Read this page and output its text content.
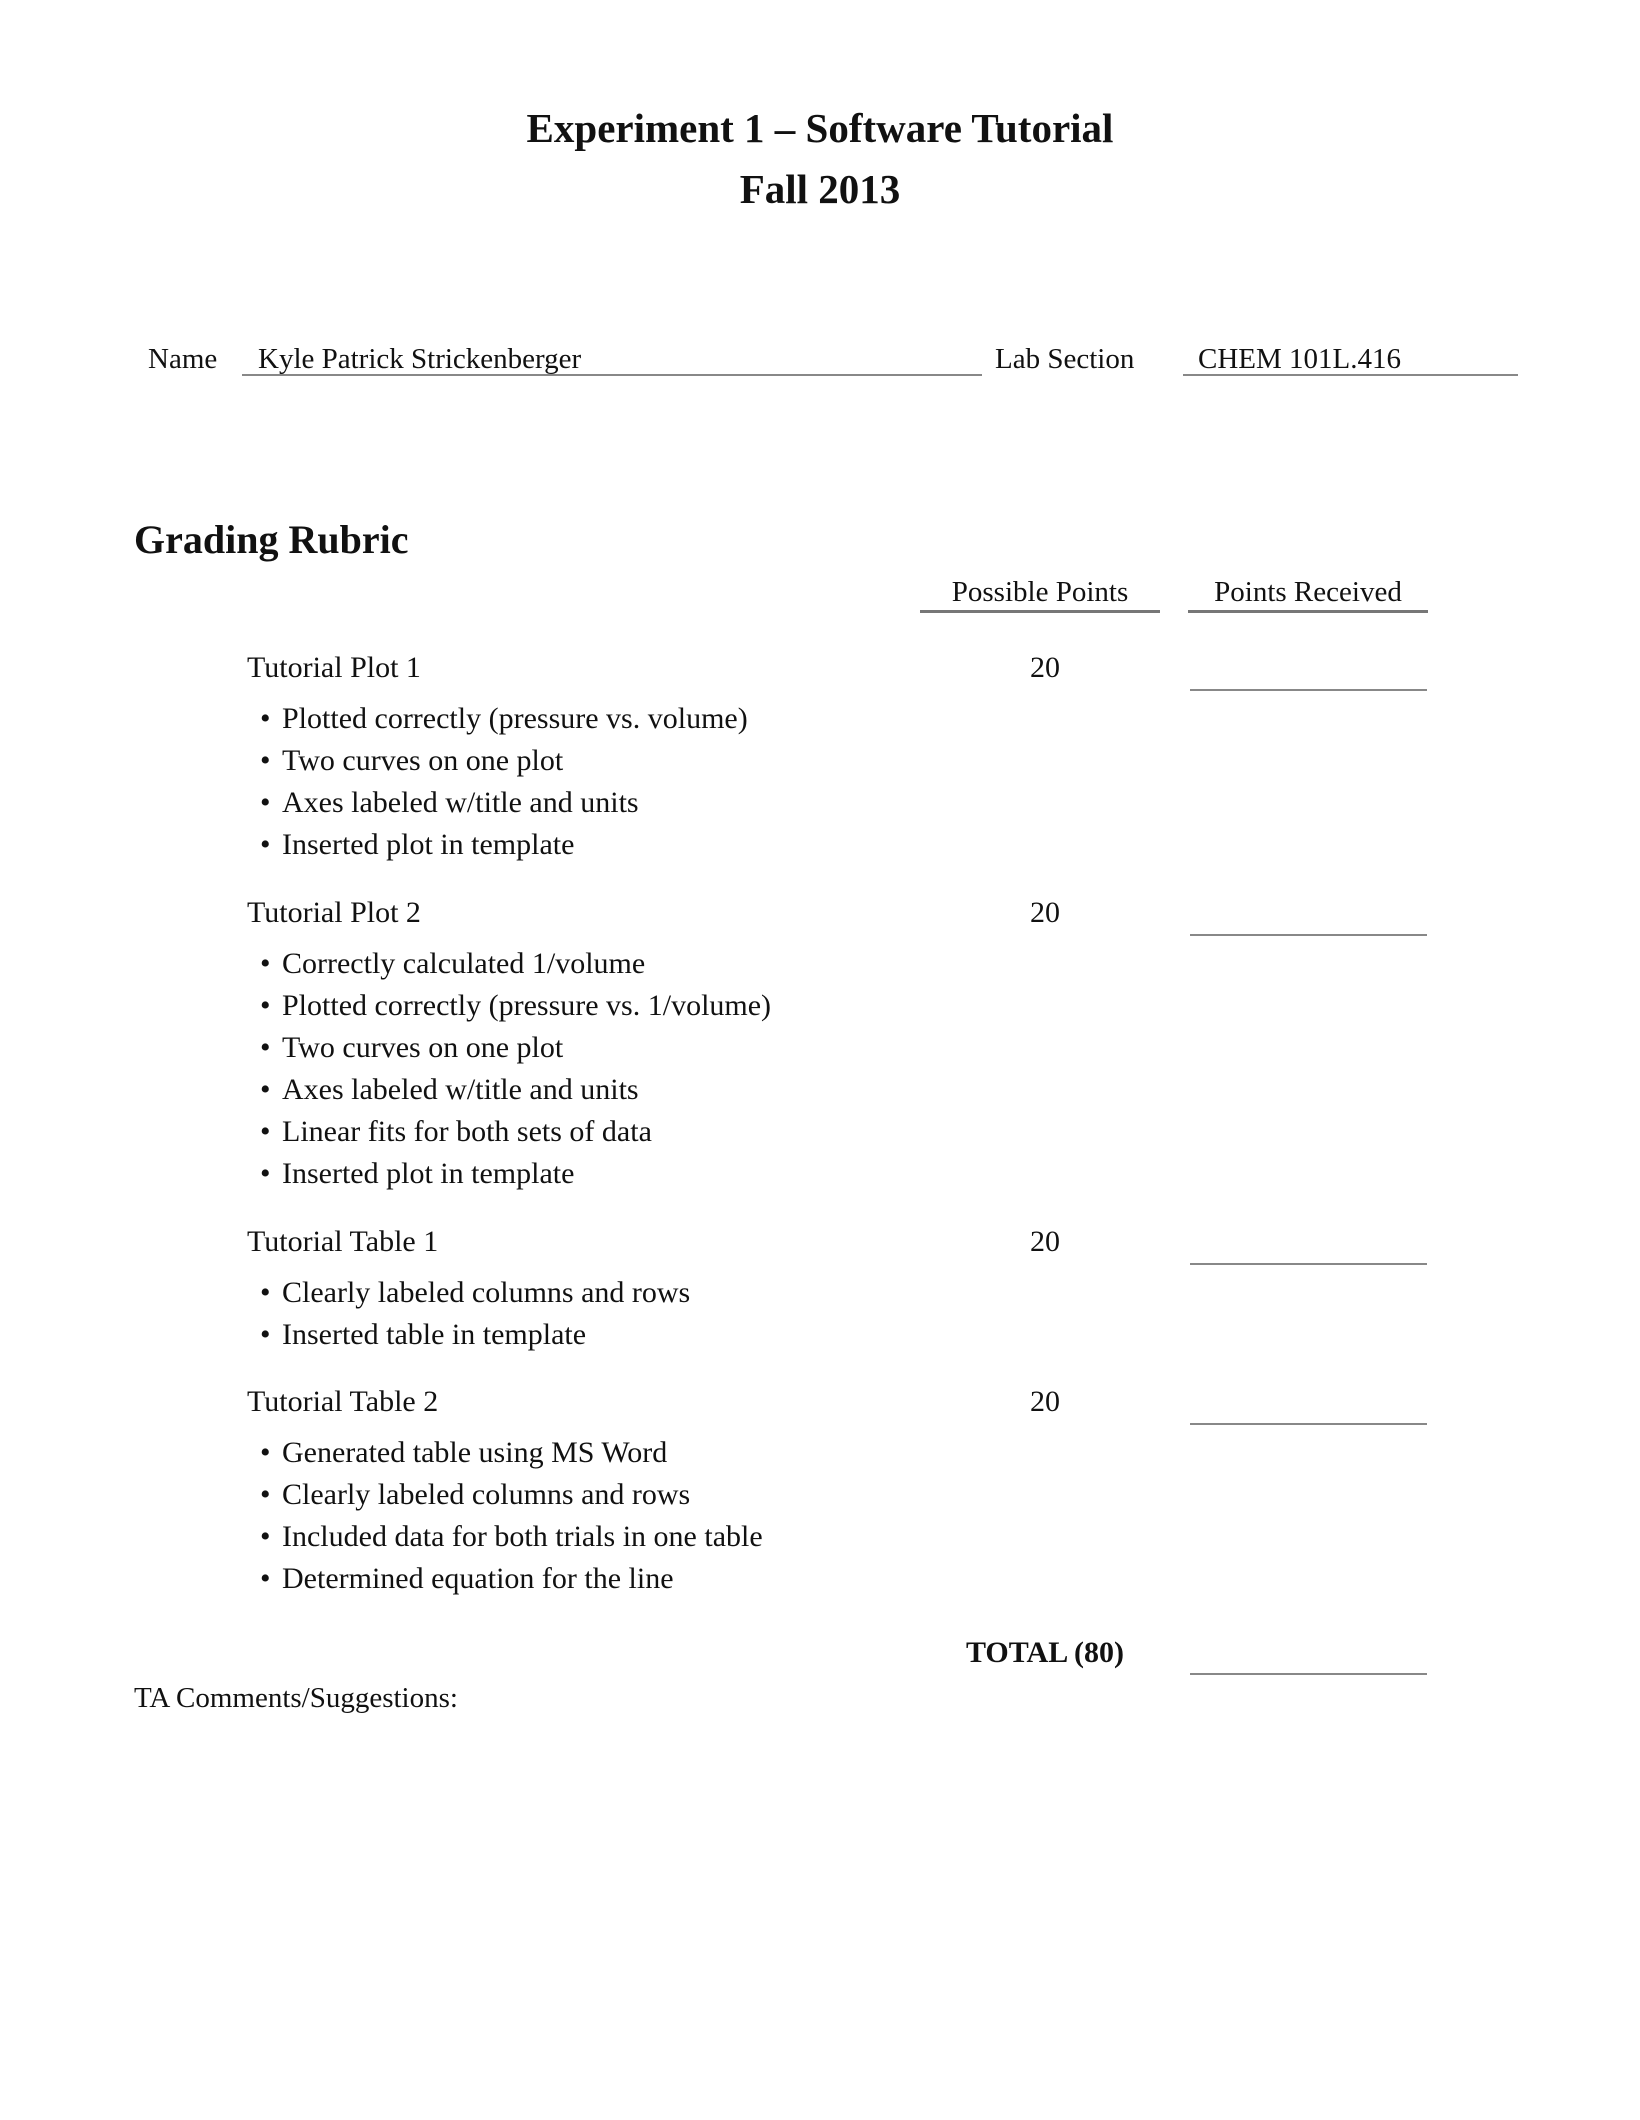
Experiment 1 – Software Tutorial
Fall 2013
Name Kyle Patrick Strickenberger	Lab Section CHEM 101L.416
Grading Rubric
Possible Points	Points Received
Tutorial Plot 1	20
• Plotted correctly (pressure vs. volume)
• Two curves on one plot
• Axes labeled w/title and units
• Inserted plot in template
Tutorial Plot 2	20
• Correctly calculated 1/volume
• Plotted correctly (pressure vs. 1/volume)
• Two curves on one plot
• Axes labeled w/title and units
• Linear fits for both sets of data
• Inserted plot in template
Tutorial Table 1	20
• Clearly labeled columns and rows
• Inserted table in template
Tutorial Table 2	20
• Generated table using MS Word
• Clearly labeled columns and rows
• Included data for both trials in one table
• Determined equation for the line
TOTAL (80)
TA Comments/Suggestions:
